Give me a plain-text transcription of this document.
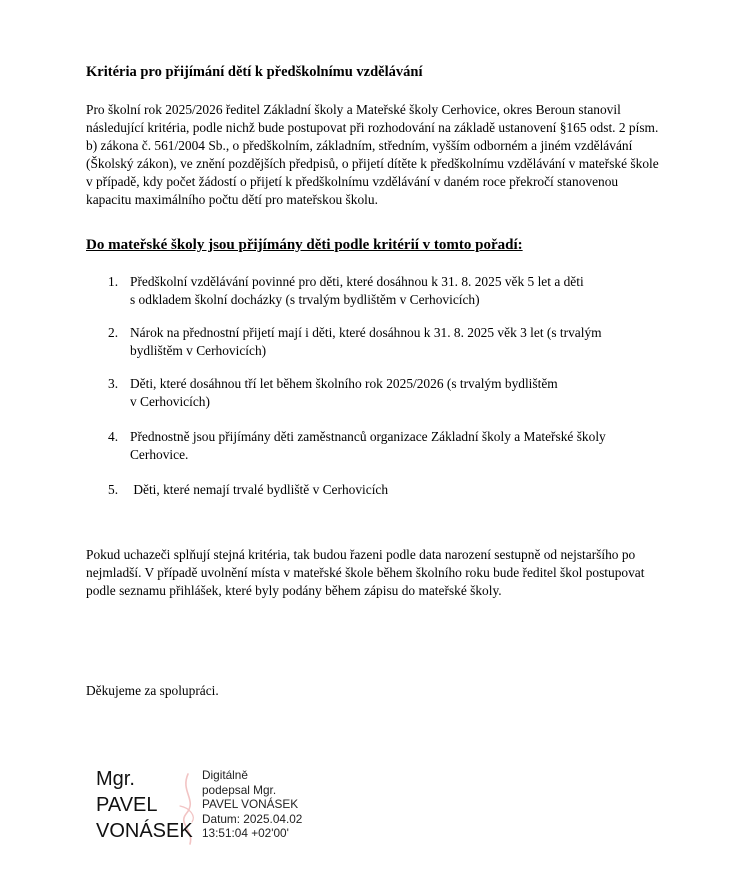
Kritéria pro přijímání dětí k předškolnímu vzdělávání

Pro školní rok 2025/2026 ředitel Základní školy a Mateřské školy Cerhovice, okres Beroun stanovil následující kritéria, podle nichž bude postupovat při rozhodování na základě ustanovení §165 odst. 2 písm. b) zákona č. 561/2004 Sb., o předškolním, základním, středním, vyšším odborném a jiném vzdělávání (Školský zákon), ve znění pozdějších předpisů, o přijetí dítěte k předškolnímu vzdělávání v mateřské škole v případě, kdy počet žádostí o přijetí k předškolnímu vzdělávání v daném roce překročí stanovenou kapacitu maximálního počtu dětí pro mateřskou školu.

Do mateřské školy jsou přijímány děti podle kritérií v tomto pořadí:
1. Předškolní vzdělávání povinné pro děti, které dosáhnou k 31. 8. 2025 věk 5 let a děti
s odkladem školní docházky (s trvalým bydlištěm v Cerhovicích)
2. Nárok na přednostní přijetí mají i děti, které dosáhnou k 31. 8. 2025 věk 3 let (s trvalým
bydlištěm v Cerhovicích)
3. Děti, které dosáhnou tří let během školního rok 2025/2026 (s trvalým bydlištěm
v Cerhovicích)
4. Přednostně jsou přijímány děti zaměstnanců organizace Základní školy a Mateřské školy
Cerhovice.
5. Děti, které nemají trvalé bydliště v Cerhovicích

Pokud uchazeči splňují stejná kritéria, tak budou řazeni podle data narození sestupně od nejstaršího po nejmladší. V případě uvolnění místa v mateřské škole během školního roku bude ředitel škol postupovat podle seznamu přihlášek, které byly podány během zápisu do mateřské školy.

Děkujeme za spolupráci.
Mgr.
PAVEL
VONÁSEK
Digitálně
podepsal Mgr.
PAVEL VONÁSEK
Datum: 2025.04.02
13:51:04 +02'00'
